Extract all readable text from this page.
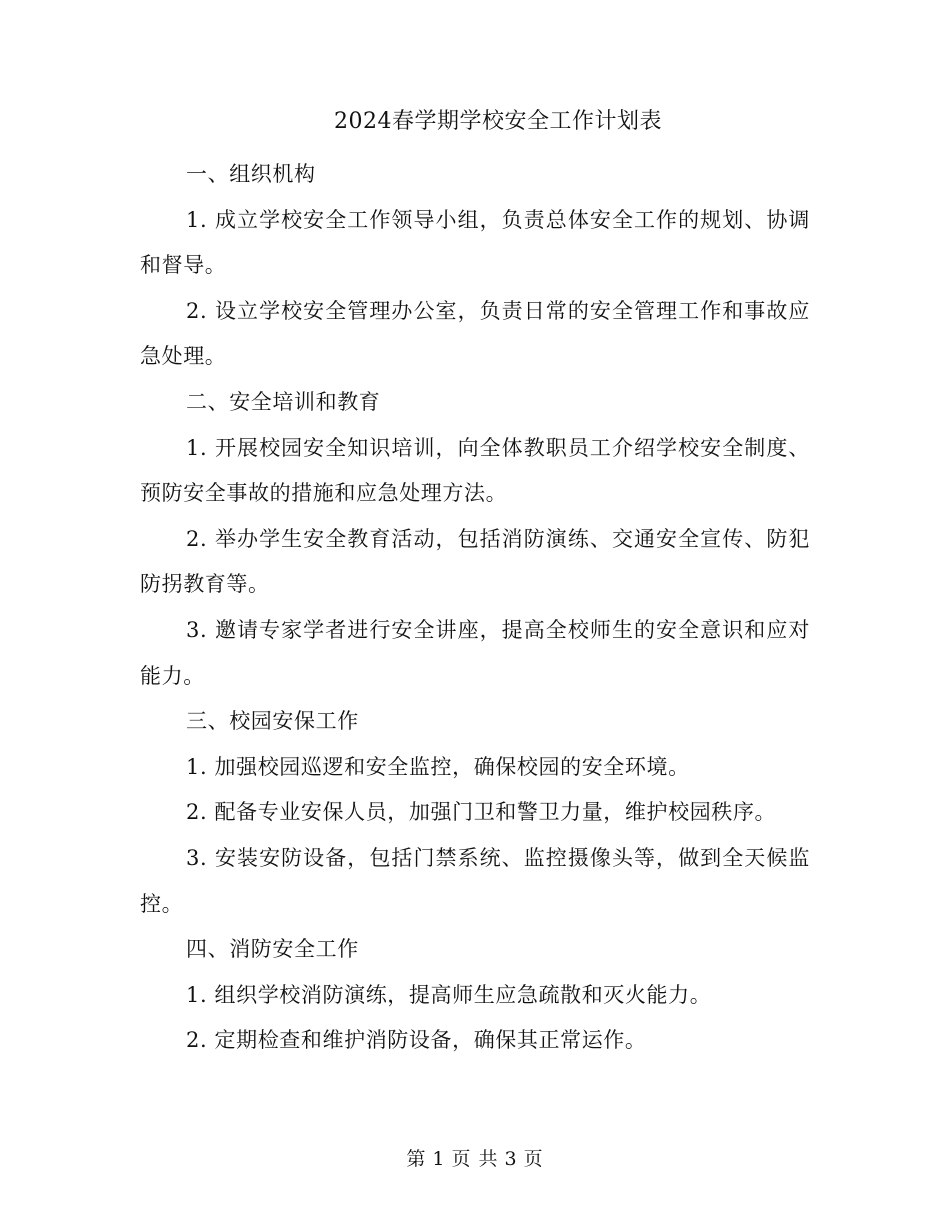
2024春学期学校安全工作计划表

一、组织机构

1. 成立学校安全工作领导小组，负责总体安全工作的规划、协调和督导。

2. 设立学校安全管理办公室，负责日常的安全管理工作和事故应急处理。

二、安全培训和教育

1. 开展校园安全知识培训，向全体教职员工介绍学校安全制度、预防安全事故的措施和应急处理方法。

2. 举办学生安全教育活动，包括消防演练、交通安全宣传、防犯防拐教育等。

3. 邀请专家学者进行安全讲座，提高全校师生的安全意识和应对能力。

三、校园安保工作

1. 加强校园巡逻和安全监控，确保校园的安全环境。

2. 配备专业安保人员，加强门卫和警卫力量，维护校园秩序。

3. 安装安防设备，包括门禁系统、监控摄像头等，做到全天候监控。

四、消防安全工作

1. 组织学校消防演练，提高师生应急疏散和灭火能力。

2. 定期检查和维护消防设备，确保其正常运作。

第 1 页 共 3 页
